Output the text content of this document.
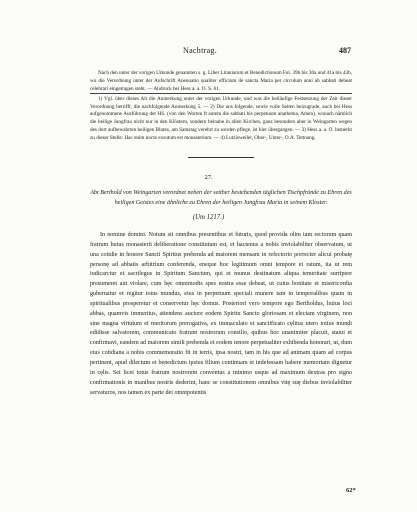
Nachtrag.	487

Nach den unter der vorigen Urkunde genannten s. g. Liber Litaniarum et Benedictionum Fol. 39b bis 30a und 41a bis 43b, wo die Verordnung unter der Aufschrift Anenoatio qualiter officium de sancta Maria per circulum anni ab sabbati debeat celebrari eingetragen steht. — Abdruck bei Hess a. a. O. S. 61.

1) Vgl. über dieses Alt die Anmerkung unter der vorigen Urkunde, und was die heiläufige Festsetzung der Zeit dieser Verordnung betrifft, die nachfolgende Anmerkung 5. — 2) Die uns folgende, sowie voile Seiten beizugrade, auch bei Hess aufgenommene Ausführung der HS. (von den Worten ft autem die sabbati bis perpetuum anathema, Amen), wonach nämlich die heilige Jungfrau nicht nur in den Klöstern, sondern beinahe in allen Kirchen, ganz besonders aber in Weingarten wegen des dort aufbewahrten heiligen Blutes, am Samstag verehrt zu werden pflege, ist hier übergangen. — 3) Hess a. a. O. bemerkt zu dieser Stelle: Hac enim nocte exsutum est monasterium. — 4) Lutzisweiler, Ober-, Unter-, O.A. Tettnang.

27.

Abt Berthold von Weingarten verordnet neben der seither bestehenden täglichen Tischpfründe zu Ehren des heiligen Geistes eine ähnliche zu Ehren der heiligen Jungfrau Maria in seinem Kloster.

(Um 1217.)

In nomine domini. Notum sit omnibus presentibus et futuris, quod provida olim tam rectorum quam fratrum huius monasterii deliberatione constitutum est, et hactenus a nobis inviolabiliter observatum, ut una cotidie in honore Sancti Spiritus prebenda ad maiorem mensam in refectorio porrecter alicui probatę personę ad abbatis arbitrium conferenda, eneque hoc legitimum omni tempore et ratum, ita ut rem iudicarctur et sacrilegus in Spiritum Sanctum, qui et munus destinatum aliqua temeritate surripere presumeret aut violare, cum hęc omnimodis spes nostra esse debeat, ut cuius bonitate et misericordia gubernatur et regitur totus mundus, eius in perpetuum speciali munere tam in temporalibus quam in spiritualibus prosperetur et conservetur hęc domus. Posteriori vero tempore ego Bertholdus, huius loci abbas, quamvis immeritus, attendens auctore eodem Spiritu Sancto gloriosam et electam virginem, non sine magna virtutum et meritorum prerogativa, ex immaculato et sanctificato cęlitus utero totius mundi edidisse salvatorem, communicato fratrum nostrorum consilio, quibus hoc unanimiter placuit, statui et confirmavi, eandem ad maiorem simili prebenda et eodem tenore perpetualiter exhibenda honorari, ut, dum eius cotidiana a nobis commemoratio fit in terris, ipsa nostri, tam in his que ad animam quam ad corpus pertinent, apud dilectum et benedictum ipsius filium continuam et indefessam habere memoriam dignetur in cęlis. Set licet totus fratrum nostrorum conventus a minimo usque ad maximum dextras pro signo confirmationis in manibus nostris dederint, hanc se constitutionem omnibus vitę suę diebus inviolabiliter servaturos, nos tamen ex parte dei omnipotentis

62*
